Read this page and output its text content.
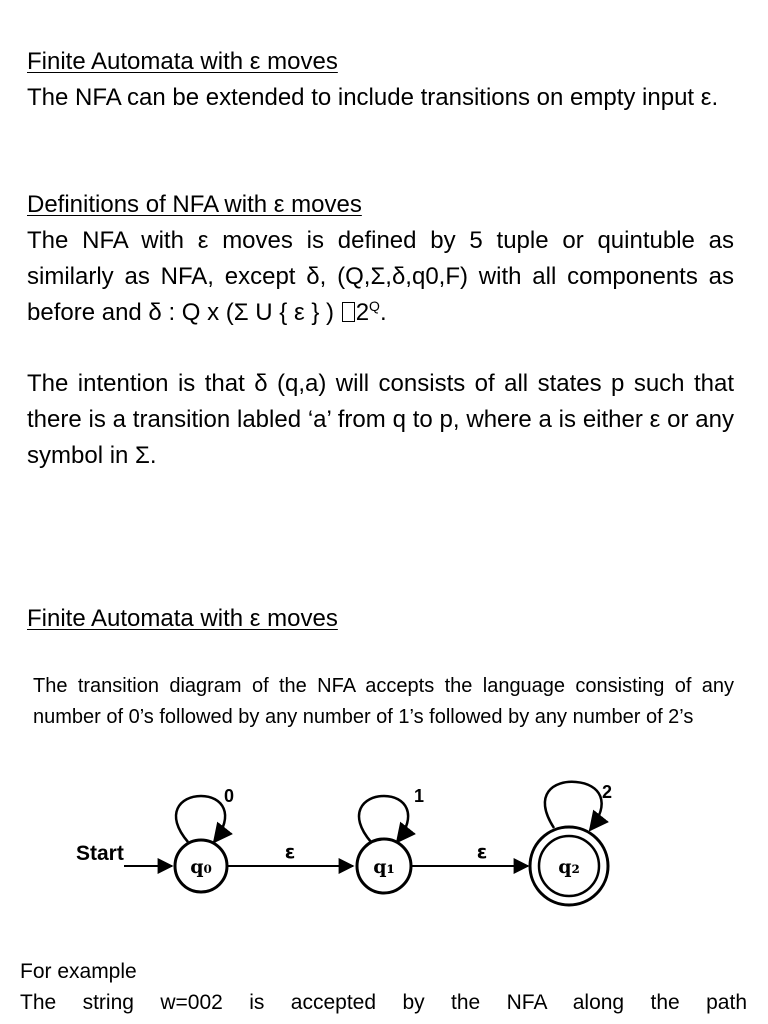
Finite Automata with ε moves
The NFA can be extended to include transitions on empty input ε.
Definitions of NFA with ε moves
The NFA with ε moves is defined by 5 tuple or quintuble as similarly as NFA, except δ, (Q,Σ,δ,q0,F) with all components as before and δ : Q x (Σ U { ε } ) $2^Q$.
The intention is that δ (q,a) will consists of all states p such that there is a transition labled ‘a’ from q to p, where a is either ε or any symbol in Σ.
Finite Automata with ε moves
The transition diagram of the NFA accepts the language consisting of any number of 0’s followed by any number of 1’s followed by any number of 2’s
Start
q₀
0
ε
q₁
1
ε
q₂
2
For example
The string w=002 is accepted by the NFA along the path
